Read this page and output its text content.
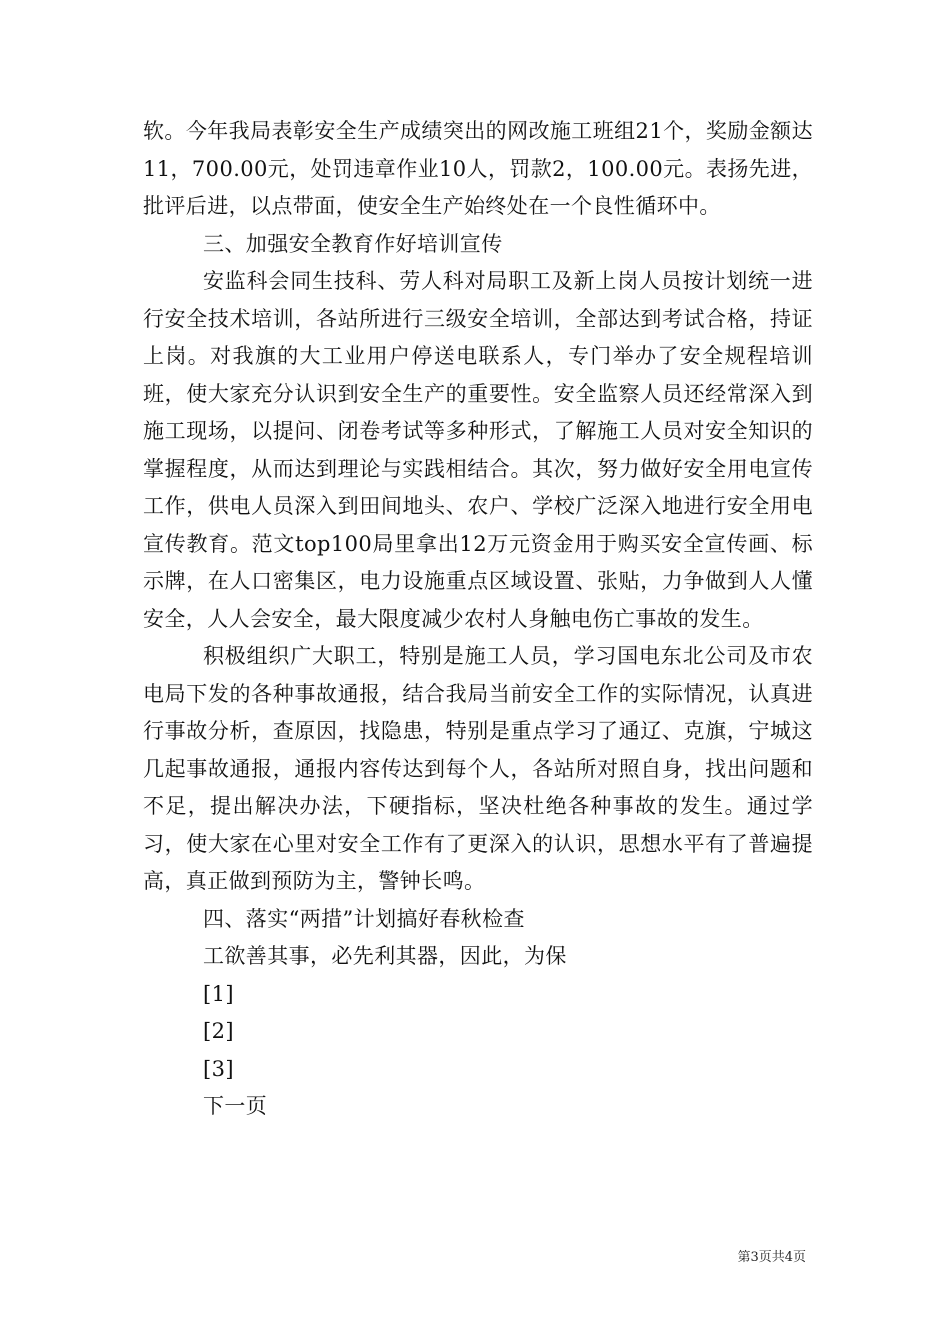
软。今年我局表彰安全生产成绩突出的网改施工班组21个，奖励金额达11，700.00元，处罚违章作业10人，罚款2，100.00元。表扬先进，批评后进，以点带面，使安全生产始终处在一个良性循环中。

三、加强安全教育作好培训宣传

安监科会同生技科、劳人科对局职工及新上岗人员按计划统一进行安全技术培训，各站所进行三级安全培训，全部达到考试合格，持证上岗。对我旗的大工业用户停送电联系人，专门举办了安全规程培训班，使大家充分认识到安全生产的重要性。安全监察人员还经常深入到施工现场，以提问、闭卷考试等多种形式，了解施工人员对安全知识的掌握程度，从而达到理论与实践相结合。其次，努力做好安全用电宣传工作，供电人员深入到田间地头、农户、学校广泛深入地进行安全用电宣传教育。范文top100局里拿出12万元资金用于购买安全宣传画、标示牌，在人口密集区，电力设施重点区域设置、张贴，力争做到人人懂安全，人人会安全，最大限度减少农村人身触电伤亡事故的发生。

积极组织广大职工，特别是施工人员，学习国电东北公司及市农电局下发的各种事故通报，结合我局当前安全工作的实际情况，认真进行事故分析，查原因，找隐患，特别是重点学习了通辽、克旗，宁城这几起事故通报，通报内容传达到每个人，各站所对照自身，找出问题和不足，提出解决办法，下硬指标，坚决杜绝各种事故的发生。通过学习，使大家在心里对安全工作有了更深入的认识，思想水平有了普遍提高，真正做到预防为主，警钟长鸣。

四、落实“两措”计划搞好春秋检查

工欲善其事，必先利其器，因此，为保

[1]

[2]

[3]

下一页

第3页共4页
